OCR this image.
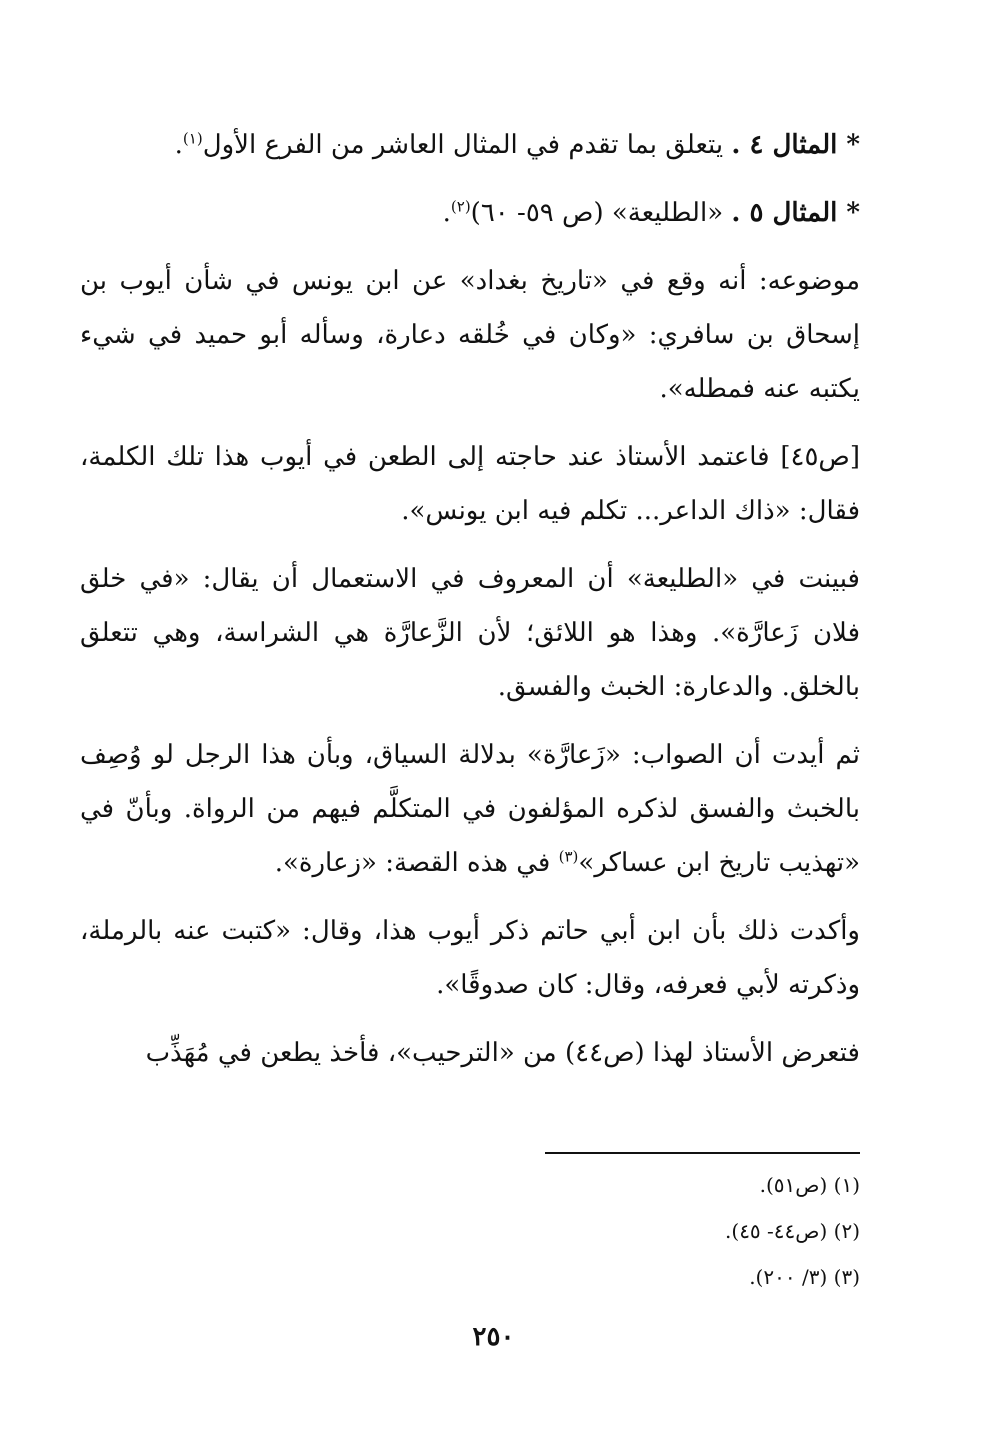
* المثال ٤ . يتعلق بما تقدم في المثال العاشر من الفرع الأول$^{(١)}$.

* المثال ٥ . «الطليعة» (ص ٥٩- ٦٠)$^{(٢)}$.

موضوعه: أنه وقع في «تاريخ بغداد» عن ابن يونس في شأن أيوب بن إسحاق بن سافري: «وكان في خُلقه دعارة، وسأله أبو حميد في شيء يكتبه عنه فمطله».

[ص٤٥] فاعتمد الأستاذ عند حاجته إلى الطعن في أيوب هذا تلك الكلمة، فقال: «ذاك الداعر... تكلم فيه ابن يونس».

فبينت في «الطليعة» أن المعروف في الاستعمال أن يقال: «في خلق فلان زَعارَّة». وهذا هو اللائق؛ لأن الزَّعارَّة هي الشراسة، وهي تتعلق بالخلق. والدعارة: الخبث والفسق.

ثم أيدت أن الصواب: «زَعارَّة» بدلالة السياق، وبأن هذا الرجل لو وُصِف بالخبث والفسق لذكره المؤلفون في المتكلَّم فيهم من الرواة. وبأنّ في «تهذيب تاريخ ابن عساكر»$^{(٣)}$ في هذه القصة: «زعارة».

وأكدت ذلك بأن ابن أبي حاتم ذكر أيوب هذا، وقال: «كتبت عنه بالرملة، وذكرته لأبي فعرفه، وقال: كان صدوقًا».

فتعرض الأستاذ لهذا (ص٤٤) من «الترحيب»، فأخذ يطعن في مُهَذِّب

(١) (ص٥١).

(٢) (ص٤٤- ٤٥).

(٣) (٣/ ٢٠٠).

٢٥٠
